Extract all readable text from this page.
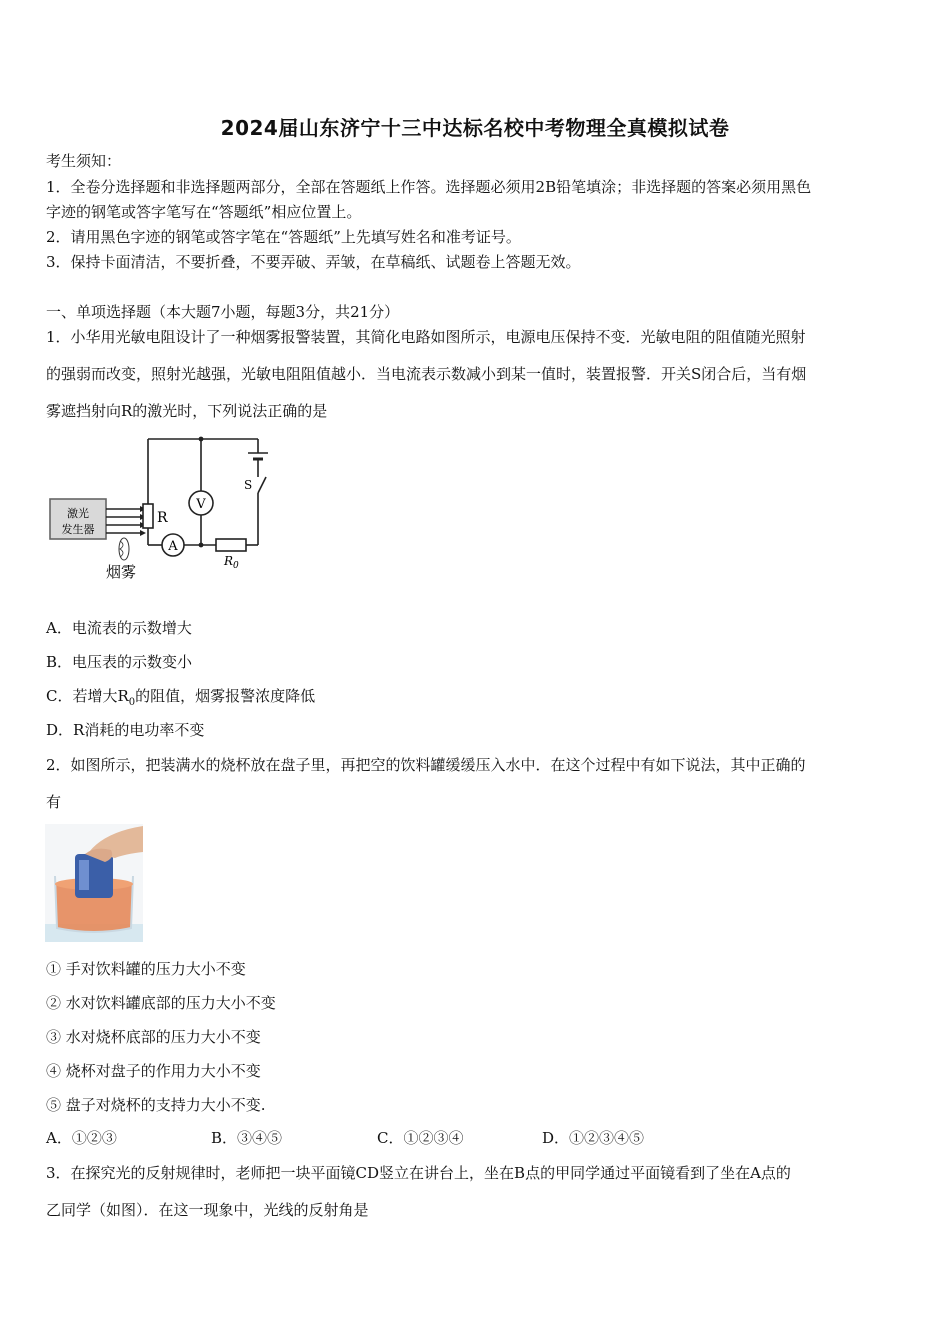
2024届山东济宁十三中达标名校中考物理全真模拟试卷
考生须知：
1．全卷分选择题和非选择题两部分，全部在答题纸上作答。选择题必须用2B铅笔填涂；非选择题的答案必须用黑色
字迹的钢笔或答字笔写在“答题纸”相应位置上。
2．请用黑色字迹的钢笔或答字笔在“答题纸”上先填写姓名和准考证号。
3．保持卡面清洁，不要折叠，不要弄破、弄皱，在草稿纸、试题卷上答题无效。
一、单项选择题（本大题7小题，每题3分，共21分）
1．小华用光敏电阻设计了一种烟雾报警装置，其简化电路如图所示，电源电压保持不变．光敏电阻的阻值随光照射
的强弱而改变，照射光越强，光敏电阻阻值越小．当电流表示数减小到某一值时，装置报警．开关S闭合后，当有烟
雾遮挡射向R的激光时，下列说法正确的是
激光
发生器
R
V
A
S
$R_0$
烟雾
A．电流表的示数增大
B．电压表的示数变小
C．若增大$R_0$的阻值，烟雾报警浓度降低
D．R消耗的电功率不变
2．如图所示，把装满水的烧杯放在盘子里，再把空的饮料罐缓缓压入水中．在这个过程中有如下说法，其中正确的
有
① 手对饮料罐的压力大小不变
② 水对饮料罐底部的压力大小不变
③ 水对烧杯底部的压力大小不变
④ 烧杯对盘子的作用力大小不变
⑤ 盘子对烧杯的支持力大小不变.
A．①②③	B．③④⑤	C．①②③④	D．①②③④⑤
3．在探究光的反射规律时，老师把一块平面镜CD竖立在讲台上，坐在B点的甲同学通过平面镜看到了坐在A点的
乙同学（如图）．在这一现象中，光线的反射角是
